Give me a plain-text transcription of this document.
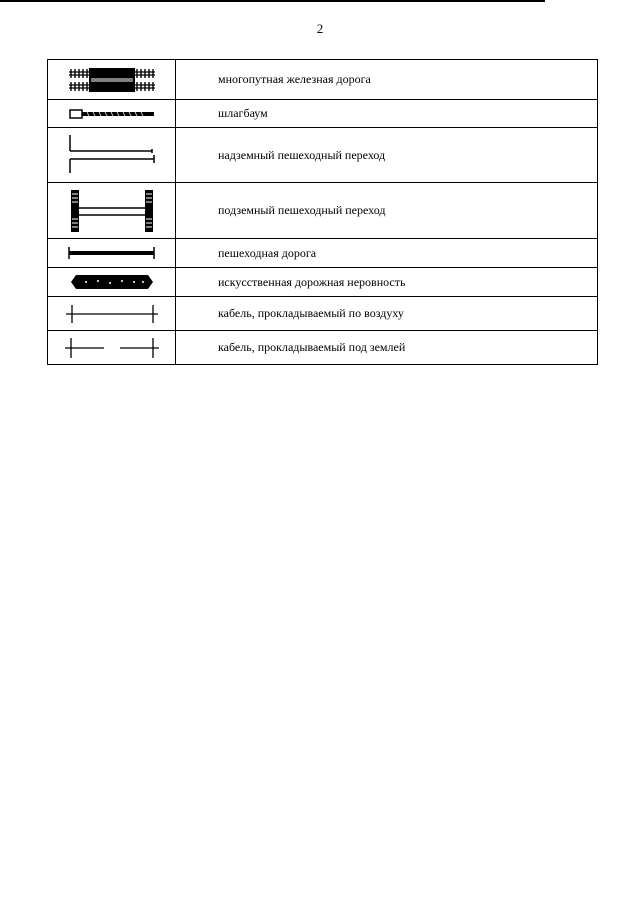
2
	многопутная железная дорога

	шлагбаум

	надземный пешеходный переход

	подземный пешеходный переход

	пешеходная дорога

	искусственная дорожная неровность

	кабель, прокладываемый по воздуху

	кабель, прокладываемый под землей
